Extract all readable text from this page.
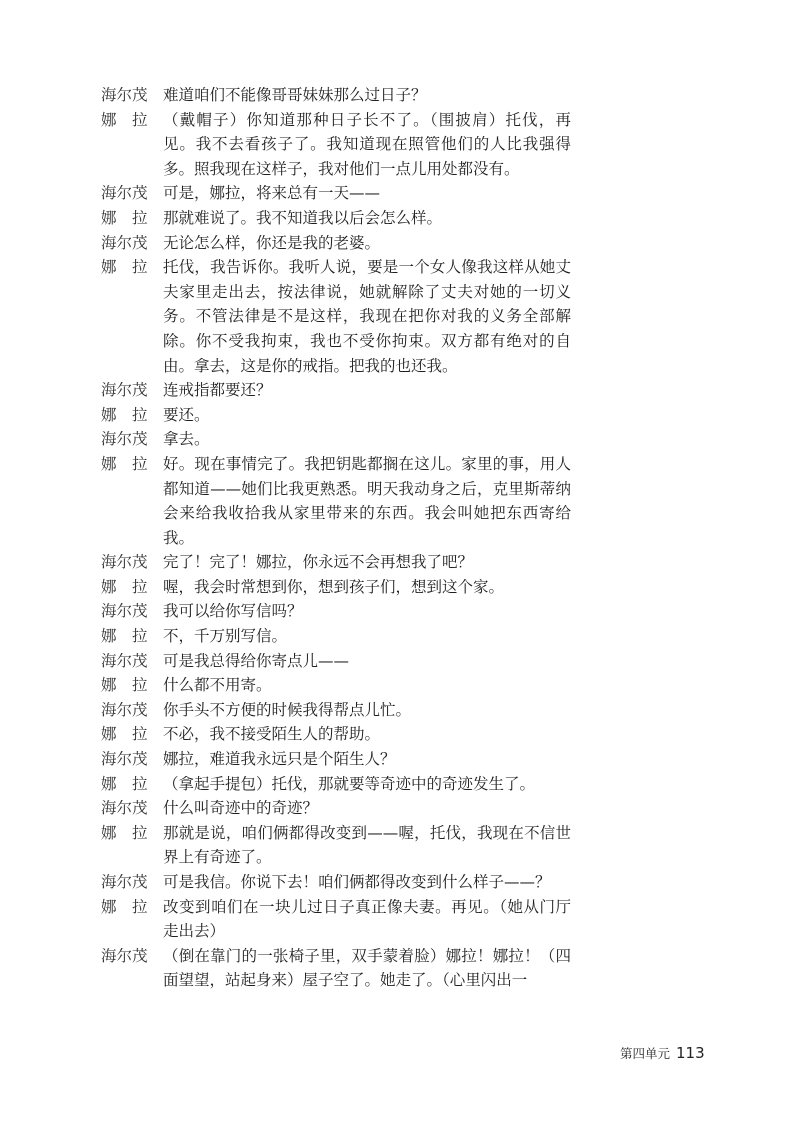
海尔茂 难道咱们不能像哥哥妹妹那么过日子？
娜　拉 （戴帽子）你知道那种日子长不了。（围披肩）托伐，再见。我不去看孩子了。我知道现在照管他们的人比我强得多。照我现在这样子，我对他们一点儿用处都没有。
海尔茂 可是，娜拉，将来总有一天——
娜　拉 那就难说了。我不知道我以后会怎么样。
海尔茂 无论怎么样，你还是我的老婆。
娜　拉 托伐，我告诉你。我听人说，要是一个女人像我这样从她丈夫家里走出去，按法律说，她就解除了丈夫对她的一切义务。不管法律是不是这样，我现在把你对我的义务全部解除。你不受我拘束，我也不受你拘束。双方都有绝对的自由。拿去，这是你的戒指。把我的也还我。
海尔茂 连戒指都要还？
娜　拉 要还。
海尔茂 拿去。
娜　拉 好。现在事情完了。我把钥匙都搁在这儿。家里的事，用人都知道——她们比我更熟悉。明天我动身之后，克里斯蒂纳会来给我收拾我从家里带来的东西。我会叫她把东西寄给我。
海尔茂 完了！完了！娜拉，你永远不会再想我了吧？
娜　拉 喔，我会时常想到你，想到孩子们，想到这个家。
海尔茂 我可以给你写信吗？
娜　拉 不，千万别写信。
海尔茂 可是我总得给你寄点儿——
娜　拉 什么都不用寄。
海尔茂 你手头不方便的时候我得帮点儿忙。
娜　拉 不必，我不接受陌生人的帮助。
海尔茂 娜拉，难道我永远只是个陌生人？
娜　拉 （拿起手提包）托伐，那就要等奇迹中的奇迹发生了。
海尔茂 什么叫奇迹中的奇迹？
娜　拉 那就是说，咱们俩都得改变到——喔，托伐，我现在不信世界上有奇迹了。
海尔茂 可是我信。你说下去！咱们俩都得改变到什么样子——？
娜　拉 改变到咱们在一块儿过日子真正像夫妻。再见。（她从门厅走出去）
海尔茂 （倒在靠门的一张椅子里，双手蒙着脸）娜拉！娜拉！（四面望望，站起身来）屋子空了。她走了。（心里闪出一
第四单元 113
